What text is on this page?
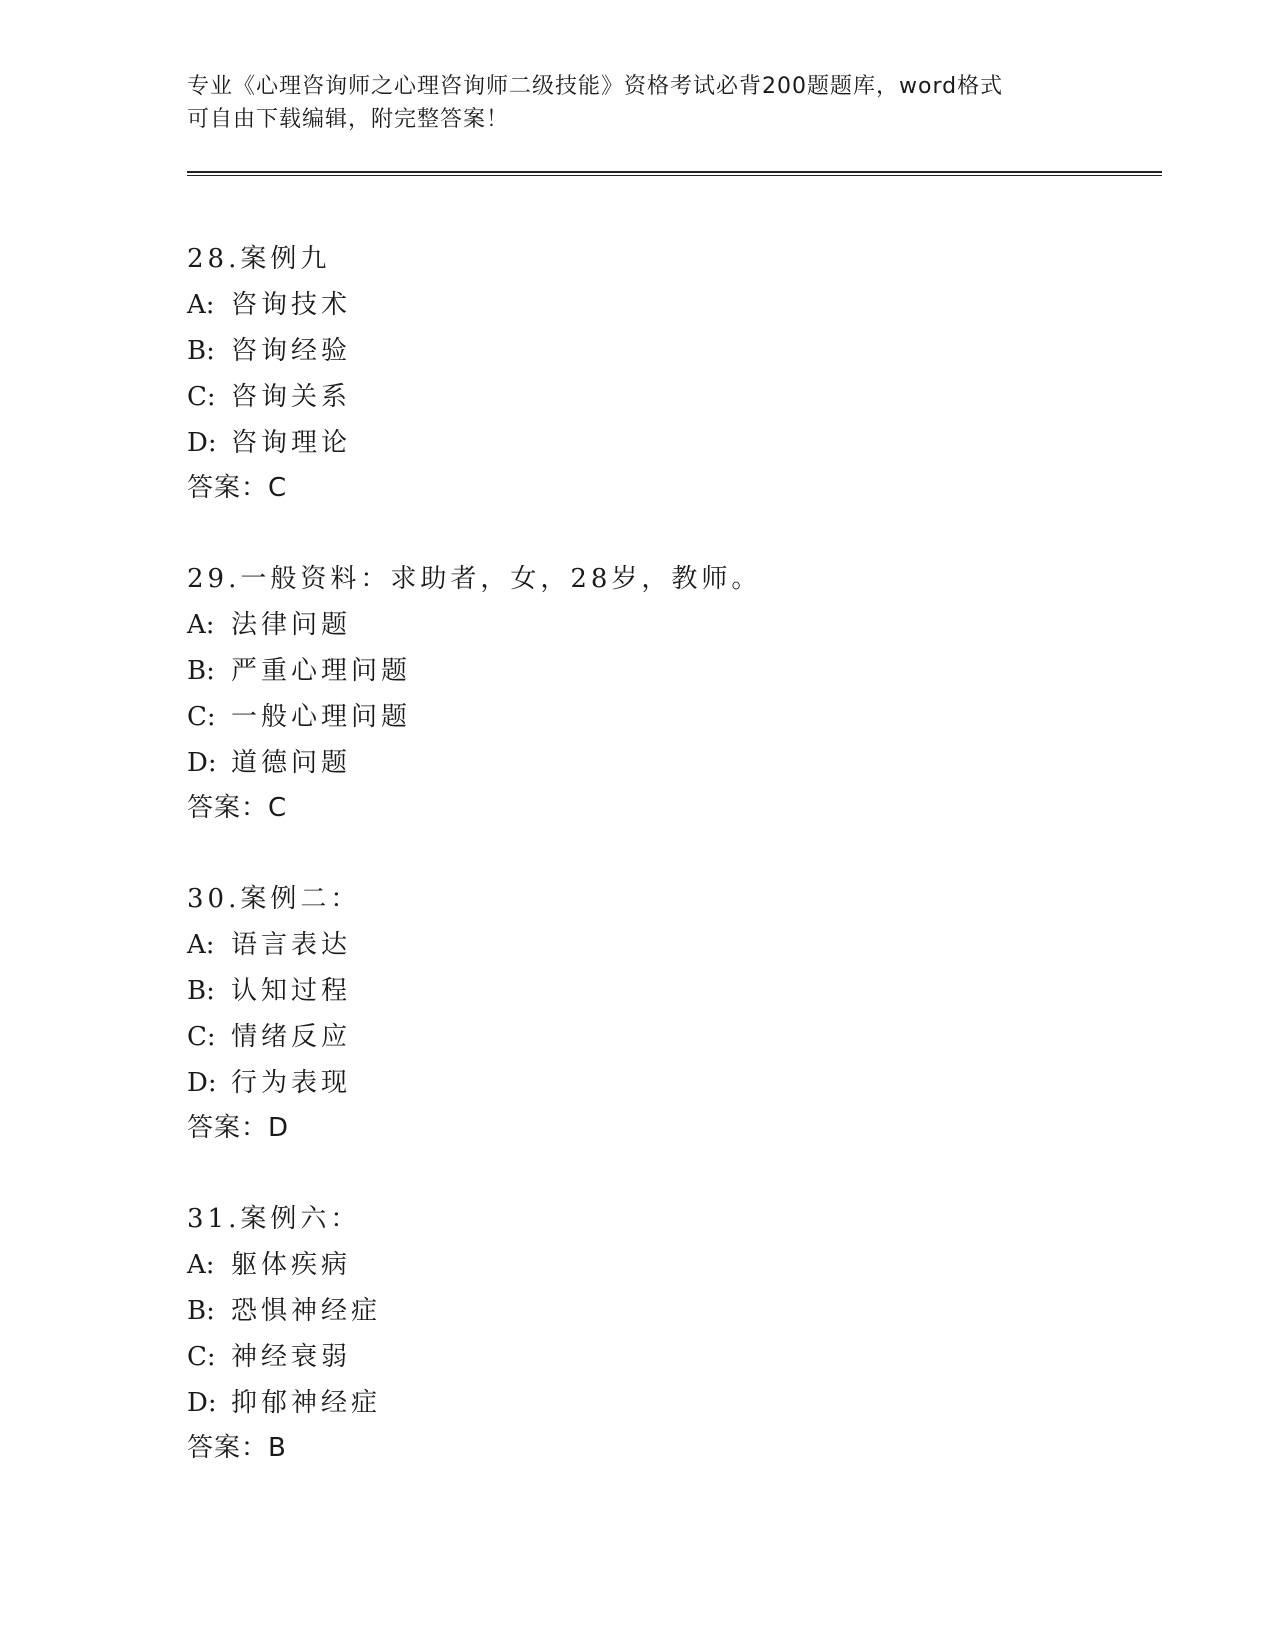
专业《心理咨询师之心理咨询师二级技能》资格考试必背200题题库，word格式

可自由下载编辑，附完整答案！

28.案例九

A: 咨询技术

B: 咨询经验

C: 咨询关系

D: 咨询理论

答案：C

29.一般资料：求助者，女，28岁，教师。

A: 法律问题

B: 严重心理问题

C: 一般心理问题

D: 道德问题

答案：C

30.案例二：

A: 语言表达

B: 认知过程

C: 情绪反应

D: 行为表现

答案：D

31.案例六：

A: 躯体疾病

B: 恐惧神经症

C: 神经衰弱

D: 抑郁神经症

答案：B
